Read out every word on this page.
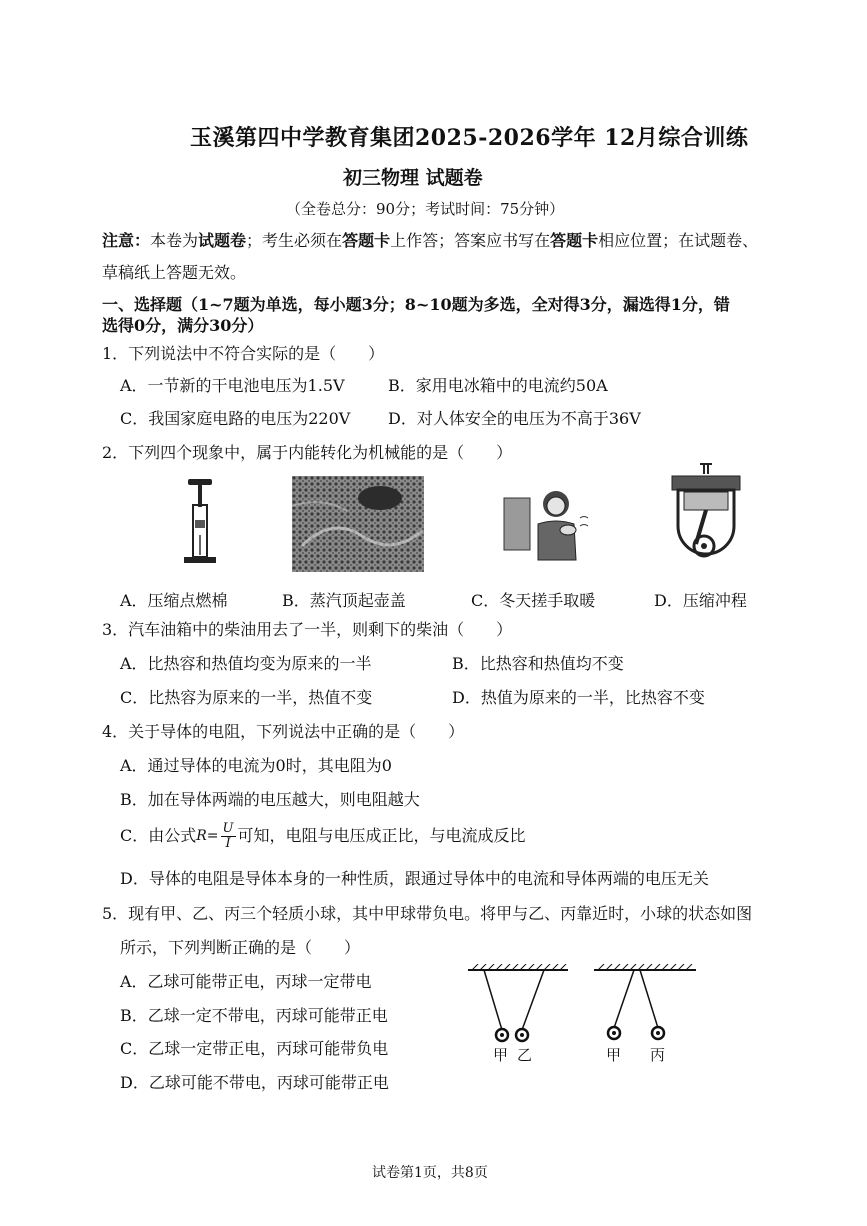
玉溪第四中学教育集团2025-2026学年 12月综合训练
初三物理 试题卷
（全卷总分：90分；考试时间：75分钟）
注意：本卷为试题卷；考生必须在答题卡上作答；答案应书写在答题卡相应位置；在试题卷、
草稿纸上答题无效。
一、选择题（1~7题为单选，每小题3分；8~10题为多选，全对得3分，漏选得1分，错
选得0分，满分30分）
1．下列说法中不符合实际的是（　　）
A．一节新的干电池电压为1.5V	B．家用电冰箱中的电流约50A
C．我国家庭电路的电压为220V D．对人体安全的电压为不高于36V
2．下列四个现象中，属于内能转化为机械能的是（　　）
A．压缩点燃棉	B．蒸汽顶起壶盖	C．冬天搓手取暖	D．压缩冲程
3．汽车油箱中的柴油用去了一半，则剩下的柴油（　　）
A．比热容和热值均变为原来的一半	B．比热容和热值均不变
C．比热容为原来的一半，热值不变	D．热值为原来的一半，比热容不变
4．关于导体的电阻，下列说法中正确的是（　　）
A．通过导体的电流为0时，其电阻为0
B．加在导体两端的电压越大，则电阻越大
C．由公式 $R = \frac{U}{I}$ 可知，电阻与电压成正比，与电流成反比
D．导体的电阻是导体本身的一种性质，跟通过导体中的电流和导体两端的电压无关
5．现有甲、乙、丙三个轻质小球，其中甲球带负电。将甲与乙、丙靠近时，小球的状态如图
所示，下列判断正确的是（　　）
A．乙球可能带正电，丙球一定带电
B．乙球一定不带电，丙球可能带正电
C．乙球一定带正电，丙球可能带负电
D．乙球可能不带电，丙球可能带正电
甲 乙	甲 丙
试卷第1页，共8页
